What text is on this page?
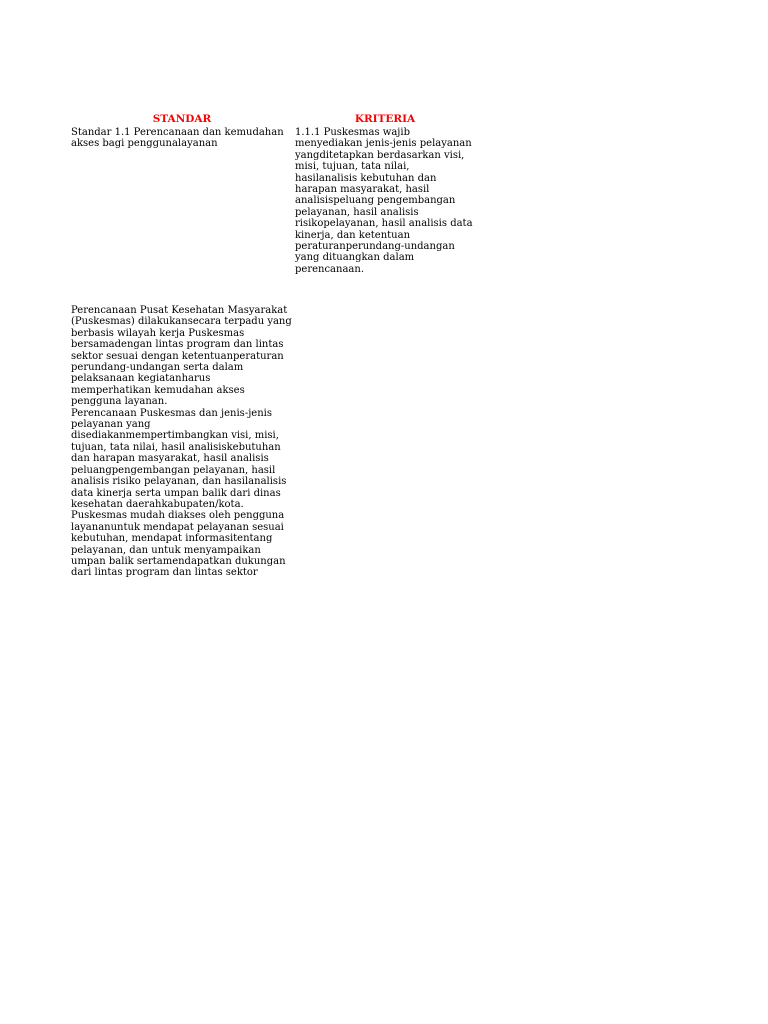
STANDAR	KRITERIA
Standar 1.1 Perencanaan dan kemudahan
akses bagi penggunalayanan
1.1.1 Puskesmas wajib
menyediakan jenis-jenis pelayanan
yangditetapkan berdasarkan visi,
misi, tujuan, tata nilai,
hasilanalisis kebutuhan dan
harapan masyarakat, hasil
analisispeluang pengembangan
pelayanan, hasil analisis
risikopelayanan, hasil analisis data
kinerja, dan ketentuan
peraturanperundang-undangan
yang dituangkan dalam
perencanaan.
Perencanaan Pusat Kesehatan Masyarakat
(Puskesmas) dilakukansecara terpadu yang
berbasis wilayah kerja Puskesmas
bersamadengan lintas program dan lintas
sektor sesuai dengan ketentuanperaturan
perundang-undangan serta dalam
pelaksanaan kegiatanharus
memperhatikan kemudahan akses
pengguna layanan.
Perencanaan Puskesmas dan jenis-jenis
pelayanan yang
disediakanmempertimbangkan visi, misi,
tujuan, tata nilai, hasil analisiskebutuhan
dan harapan masyarakat, hasil analisis
peluangpengembangan pelayanan, hasil
analisis risiko pelayanan, dan hasilanalisis
data kinerja serta umpan balik dari dinas
kesehatan daerahkabupaten/kota.
Puskesmas mudah diakses oleh pengguna
layananuntuk mendapat pelayanan sesuai
kebutuhan, mendapat informasitentang
pelayanan, dan untuk menyampaikan
umpan balik sertamendapatkan dukungan
dari lintas program dan lintas sektor
